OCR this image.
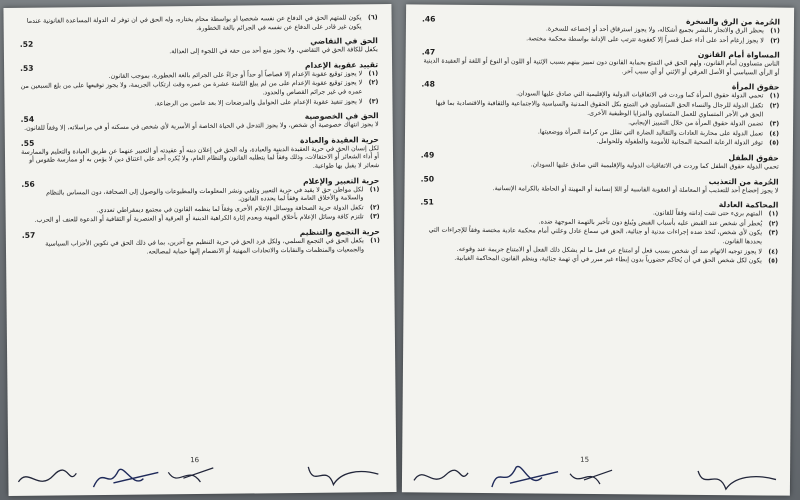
(٦)
يكون للمتهم الحق في الدفاع عن نفسه شخصياً أو بواسطة محام يختاره، وله الحق في أن توفر له الدولة المساعدة القانونية عندما يكون غير قادر على الدفاع عن نفسه في الجرائم بالغة الخطورة.
الحق في التقاضي
.52
يكفل للكافة الحق في التقاضي، ولا يجوز منع أحد من حقه في اللجوء إلى العدالة.
تقييد عقوبة الإعدام
.53
(١)
لا يجوز توقيع عقوبة الإعدام إلا قصاصاً أو حداً أو جزاءً على الجرائم بالغة الخطورة، بموجب القانون.
(٢)
لا يجوز توقيع عقوبة الإعدام على من لم يبلغ الثامنة عشرة من عمره وقت ارتكاب الجريمة، ولا يجوز توقيعها على من بلغ السبعين من عمره في غير جرائم القصاص والحدود.
(٣)
لا يجوز تنفيذ عقوبة الإعدام على الحوامل والمرضعات إلا بعد عامين من الرضاعة.
الحق في الخصوصية
.54
لا يجوز انتهاك خصوصية أي شخص، ولا يجوز التدخل في الحياة الخاصة أو الأسرية لأي شخص في مسكنه أو في مراسلاته، إلا وفقاً للقانون.
حرية العقيدة والعبادة
.55
لكل إنسان الحق في حرية العقيدة الدينية والعبادة، وله الحق في إعلان دينه أو عقيدته أو التعبير عنهما عن طريق العبادة والتعليم والممارسة أو أداء الشعائر أو الاحتفالات، وذلك وفقاً لما يتطلبه القانون والنظام العام، ولا يُكره أحد على اعتناق دين لا يؤمن به أو ممارسة طقوس أو شعائر لا يقبل بها طواعية.
حرية التعبير والإعلام
.56
(١)
لكل مواطن حق لا يقيد في حرية التعبير وتلقي ونشر المعلومات والمطبوعات والوصول إلى الصحافة، دون المساس بالنظام والسلامة والأخلاق العامة وفقاً لما يحدده القانون.
(٢)
تكفل الدولة حرية الصحافة ووسائل الإعلام الأخرى وفقاً لما ينظمه القانون في مجتمع ديمقراطي تعددي.
(٣)
تلتزم كافة وسائل الإعلام بأخلاق المهنة وبعدم إثارة الكراهية الدينية أو العرقية أو العنصرية أو الثقافية أو الدعوة للعنف أو الحرب.
حرية التجمع والتنظيم
.57
(١)
يكفل الحق في التجمع السلمي، ولكل فرد الحق في حرية التنظيم مع آخرين، بما في ذلك الحق في تكوين الأحزاب السياسية والجمعيات والمنظمات والنقابات والاتحادات المهنية أو الانضمام إليها حماية لمصالحه.
16
الحُرمة من الرق والسخرة
.46
(١)
يحظر الرق والاتجار بالبشر بجميع أشكاله، ولا يجوز استرقاق أحد أو إخضاعه للسخرة.
(٢)
لا يجوز إرغام أحد على أداء عمل قسراً إلا كعقوبة تترتب على الإدانة بواسطة محكمة مختصة.
المساواة أمام القانون
.47
الناس متساوون أمام القانون، ولهم الحق في التمتع بحماية القانون دون تمييز بينهم بسبب الإثنية أو اللون أو النوع أو اللغة أو العقيدة الدينية أو الرأي السياسي أو الأصل العرقي أو الإثني أو أي سبب آخر.
حقوق المرأة
.48
(١)
تحمي الدولة حقوق المرأة كما وردت في الاتفاقيات الدولية والإقليمية التي صادق عليها السودان.
(٢)
تكفل الدولة للرجال والنساء الحق المتساوي في التمتع بكل الحقوق المدنية والسياسية والاجتماعية والثقافية والاقتصادية بما فيها الحق في الأجر المتساوي للعمل المتساوي والمزايا الوظيفية الأخرى.
(٣)
تضمن الدولة حقوق المرأة من خلال التمييز الإيجابي.
(٤)
تعمل الدولة على محاربة العادات والتقاليد الضارة التي تقلل من كرامة المرأة ووضعيتها.
(٥)
توفر الدولة الرعاية الصحية المجانية للأمومة والطفولة وللحوامل.
حقوق الطفل
.49
تحمي الدولة حقوق الطفل كما وردت في الاتفاقيات الدولية والإقليمية التي صادق عليها السودان.
الحُرمة من التعذيب
.50
لا يجوز إخضاع أحد للتعذيب أو المعاملة أو العقوبة القاسية أو اللا إنسانية أو المهينة أو الحاطة بالكرامة الإنسانية.
المحاكمة العادلة
.51
(١)
المتهم بريء حتى تثبت إدانته وفقاً للقانون.
(٢)
يُخطر أي شخص عند القبض عليه بأسباب القبض ويُبلغ دون تأخير بالتهمة الموجهة ضده.
(٣)
يكون لأي شخص، تُتخذ ضده إجراءات مدنية أو جنائية، الحق في سماع عادل وعلني أمام محكمة عادية مختصة وفقاً للإجراءات التي يحددها القانون.
(٤)
لا يجوز توجيه الاتهام ضد أي شخص بسبب فعل أو امتناع عن فعل ما لم يشكل ذلك الفعل أو الامتناع جريمة عند وقوعه.
(٥)
يكون لكل شخص الحق في أن يُحاكم حضورياً بدون إبطاء غير مبرر في أي تهمة جنائية، وينظم القانون المحاكمة الغيابية.
15
